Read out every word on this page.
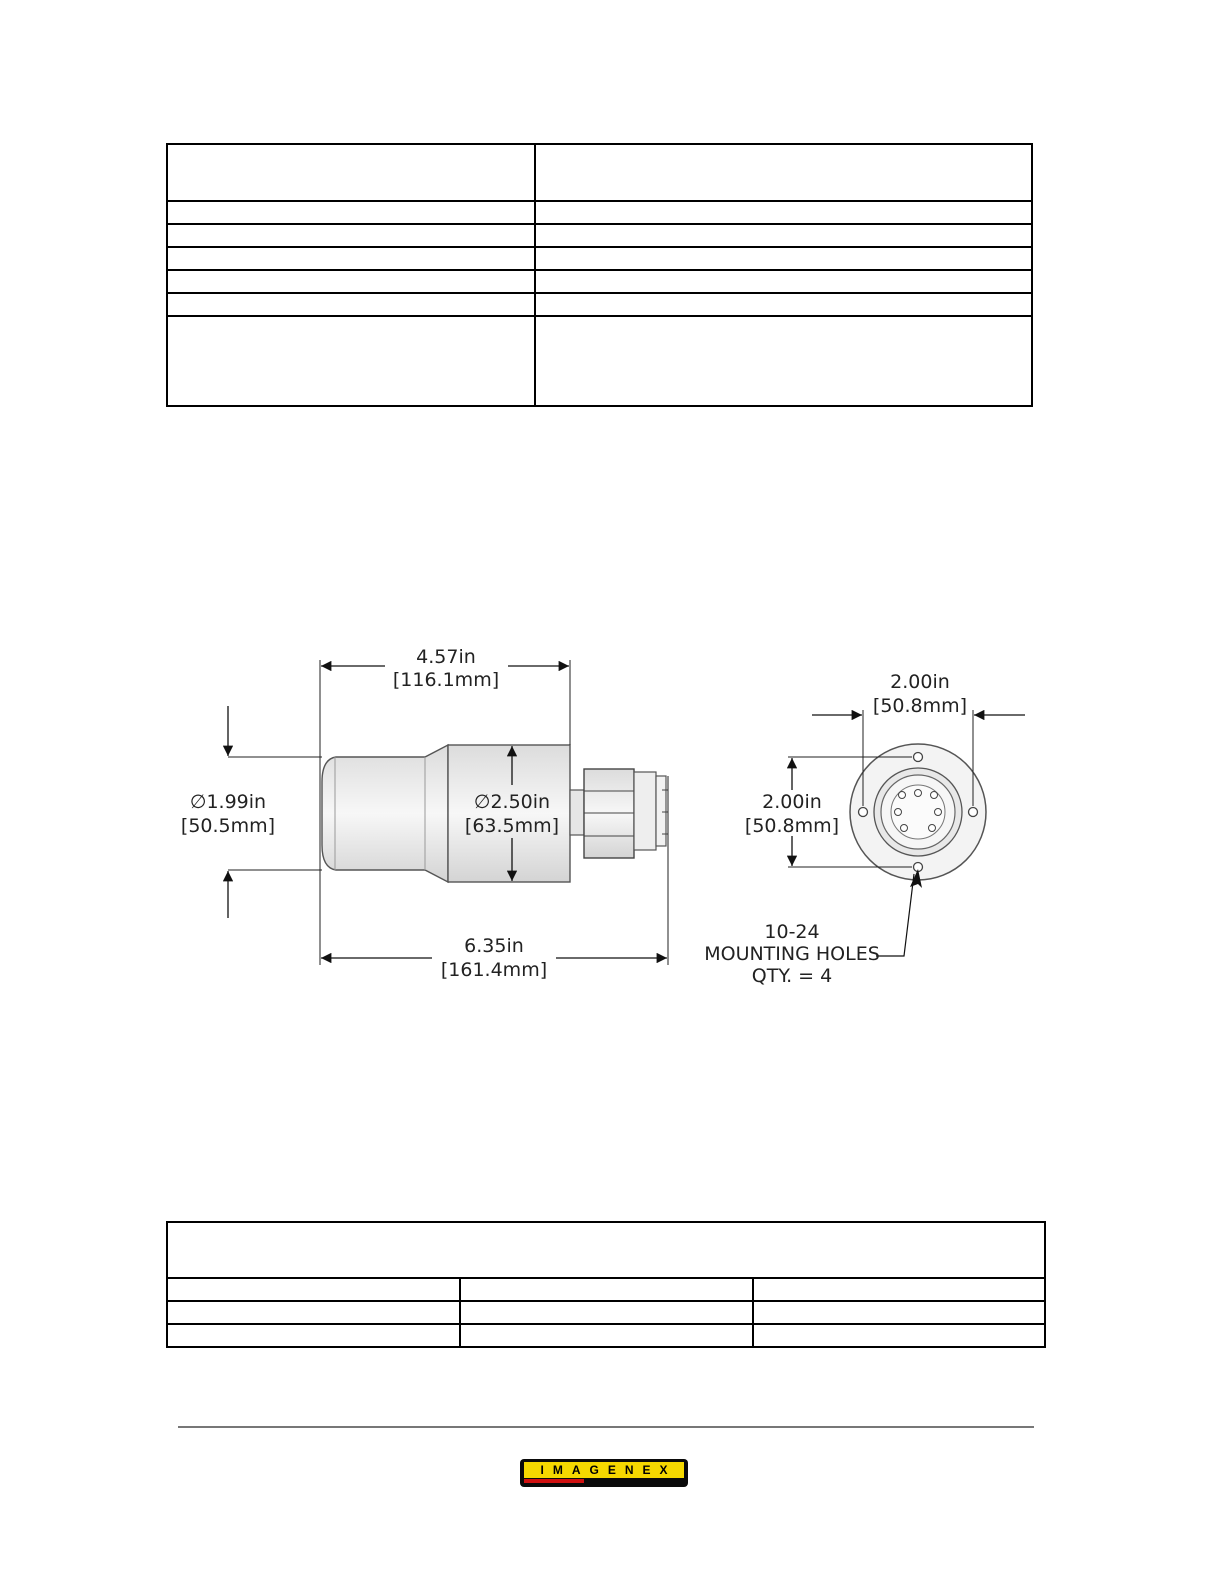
4.57in
[116.1mm]
6.35in
[161.4mm]
∅1.99in
[50.5mm]
∅2.50in
[63.5mm]
2.00in
[50.8mm]
2.00in
[50.8mm]
10-24
MOUNTING HOLES
QTY. = 4

IMAGENEX
